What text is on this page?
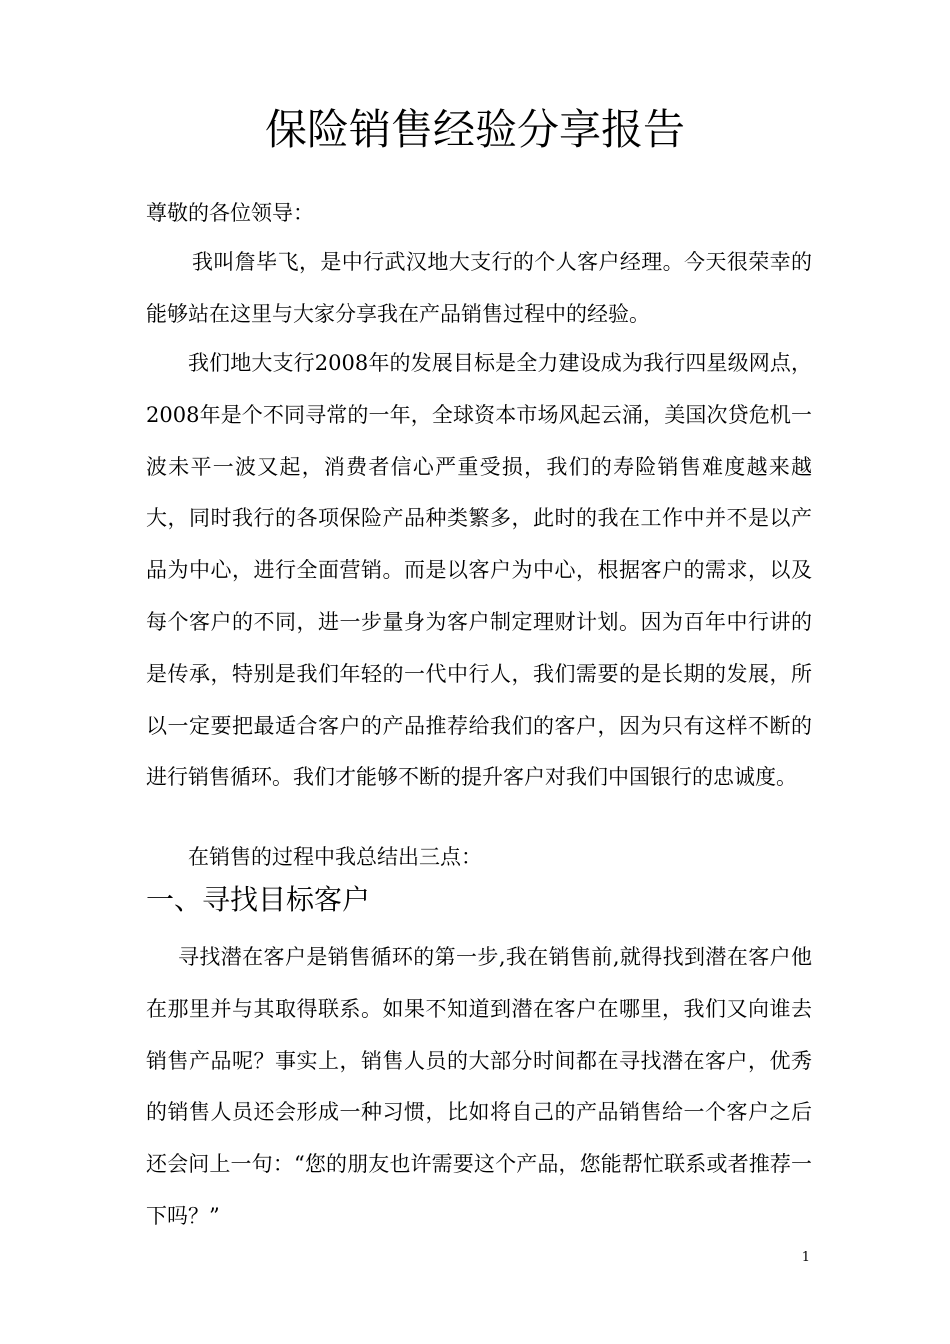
保险销售经验分享报告

尊敬的各位领导：

我叫詹毕飞，是中行武汉地大支行的个人客户经理。今天很荣幸的能够站在这里与大家分享我在产品销售过程中的经验。

我们地大支行2008年的发展目标是全力建设成为我行四星级网点，2008年是个不同寻常的一年，全球资本市场风起云涌，美国次贷危机一波未平一波又起，消费者信心严重受损，我们的寿险销售难度越来越大，同时我行的各项保险产品种类繁多，此时的我在工作中并不是以产品为中心，进行全面营销。而是以客户为中心，根据客户的需求，以及每个客户的不同，进一步量身为客户制定理财计划。因为百年中行讲的是传承，特别是我们年轻的一代中行人，我们需要的是长期的发展，所以一定要把最适合客户的产品推荐给我们的客户，因为只有这样不断的进行销售循环。我们才能够不断的提升客户对我们中国银行的忠诚度。

在销售的过程中我总结出三点：

一、寻找目标客户

寻找潜在客户是销售循环的第一步,我在销售前,就得找到潜在客户他在那里并与其取得联系。如果不知道到潜在客户在哪里，我们又向谁去销售产品呢？事实上，销售人员的大部分时间都在寻找潜在客户，优秀的销售人员还会形成一种习惯，比如将自己的产品销售给一个客户之后还会问上一句：“您的朋友也许需要这个产品，您能帮忙联系或者推荐一下吗？”

1
